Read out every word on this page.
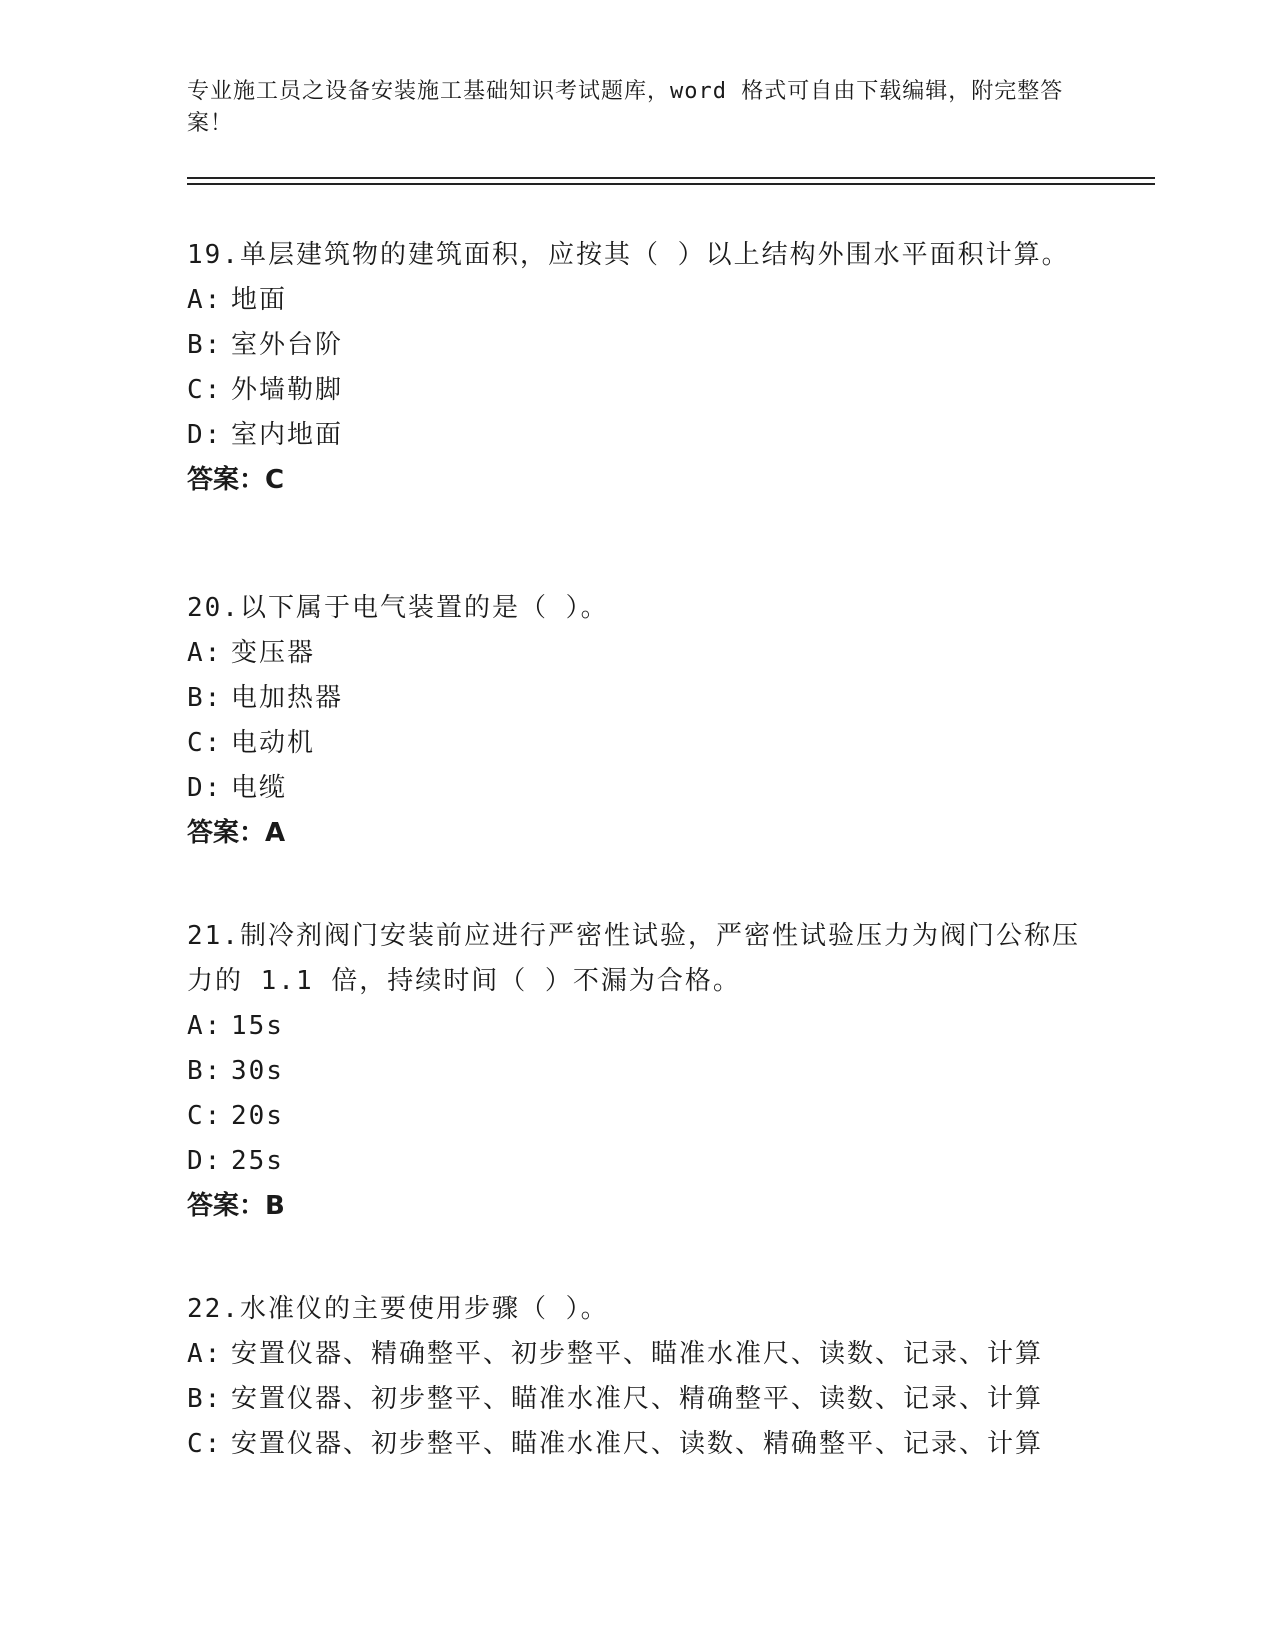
专业施工员之设备安装施工基础知识考试题库，word 格式可自由下载编辑，附完整答案！

19.单层建筑物的建筑面积，应按其（ ）以上结构外围水平面积计算。

A: 地面

B: 室外台阶

C: 外墙勒脚

D: 室内地面

答案：C

20.以下属于电气装置的是（ ）。

A: 变压器

B: 电加热器

C: 电动机

D: 电缆

答案：A

21.制冷剂阀门安装前应进行严密性试验，严密性试验压力为阀门公称压力的 1.1 倍，持续时间（ ）不漏为合格。

A: 15s

B: 30s

C: 20s

D: 25s

答案：B

22.水准仪的主要使用步骤（ ）。

A: 安置仪器、精确整平、初步整平、瞄准水准尺、读数、记录、计算

B: 安置仪器、初步整平、瞄准水准尺、精确整平、读数、记录、计算

C: 安置仪器、初步整平、瞄准水准尺、读数、精确整平、记录、计算
